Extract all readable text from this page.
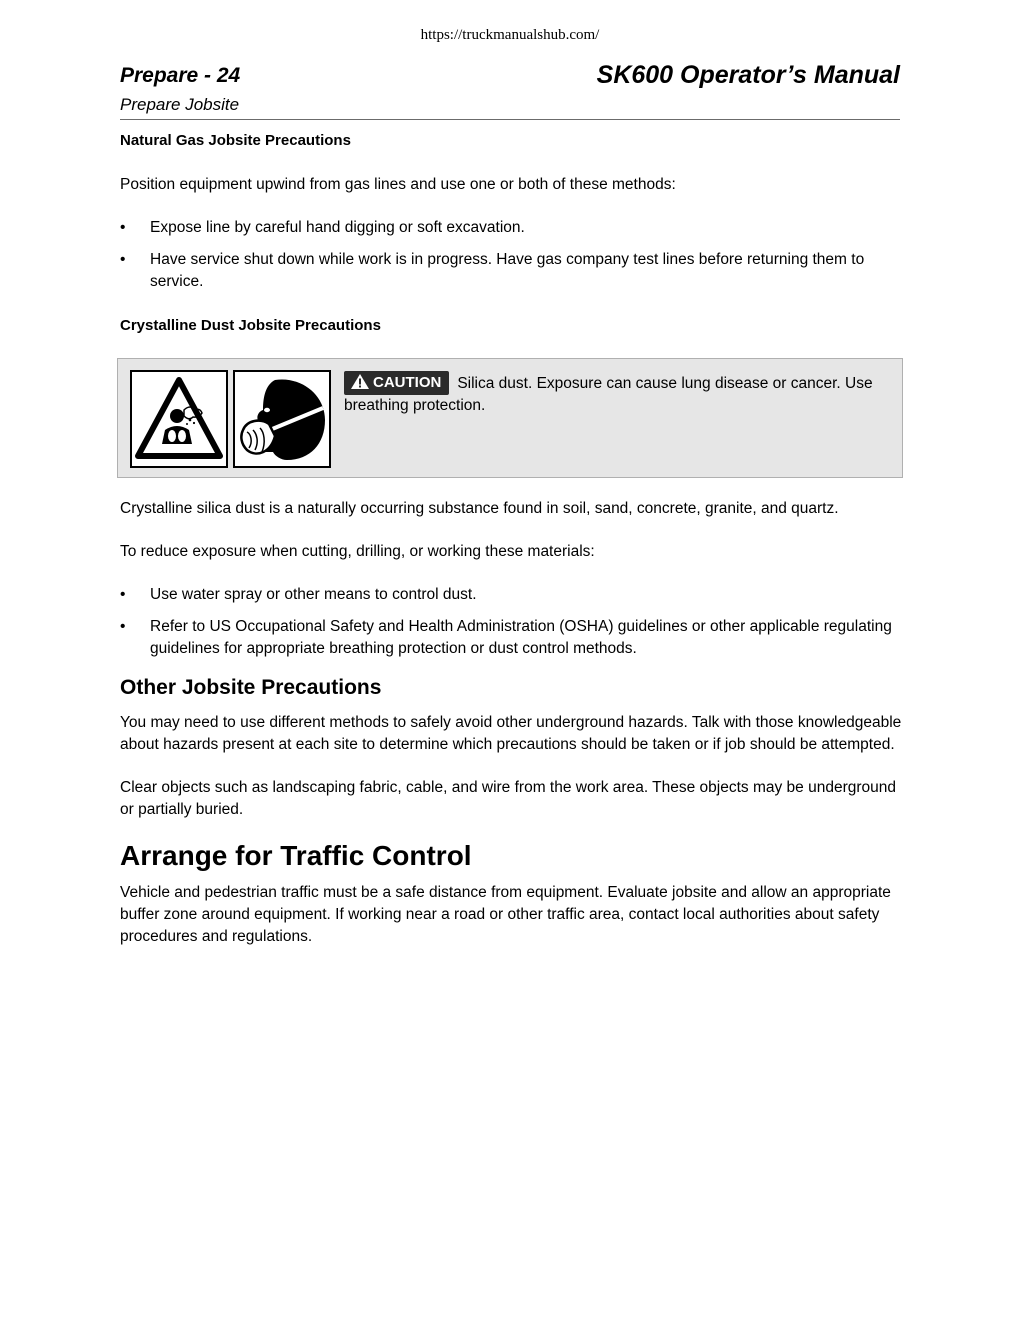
https://truckmanualshub.com/
Prepare - 24	SK600 Operator’s Manual
Prepare Jobsite

Natural Gas Jobsite Precautions

Position equipment upwind from gas lines and use one or both of these methods:

•	Expose line by careful hand digging or soft excavation.
•	Have service shut down while work is in progress. Have gas company test lines before returning them to service.

Crystalline Dust Jobsite Precautions

CAUTION Silica dust. Exposure can cause lung disease or cancer. Use breathing protection.

Crystalline silica dust is a naturally occurring substance found in soil, sand, concrete, granite, and quartz.

To reduce exposure when cutting, drilling, or working these materials:

•	Use water spray or other means to control dust.
•	Refer to US Occupational Safety and Health Administration (OSHA) guidelines or other applicable regulating guidelines for appropriate breathing protection or dust control methods.

Other Jobsite Precautions

You may need to use different methods to safely avoid other underground hazards. Talk with those knowledgeable about hazards present at each site to determine which precautions should be taken or if job should be attempted.

Clear objects such as landscaping fabric, cable, and wire from the work area. These objects may be underground or partially buried.

Arrange for Traffic Control

Vehicle and pedestrian traffic must be a safe distance from equipment. Evaluate jobsite and allow an appropriate buffer zone around equipment. If working near a road or other traffic area, contact local authorities about safety procedures and regulations.
